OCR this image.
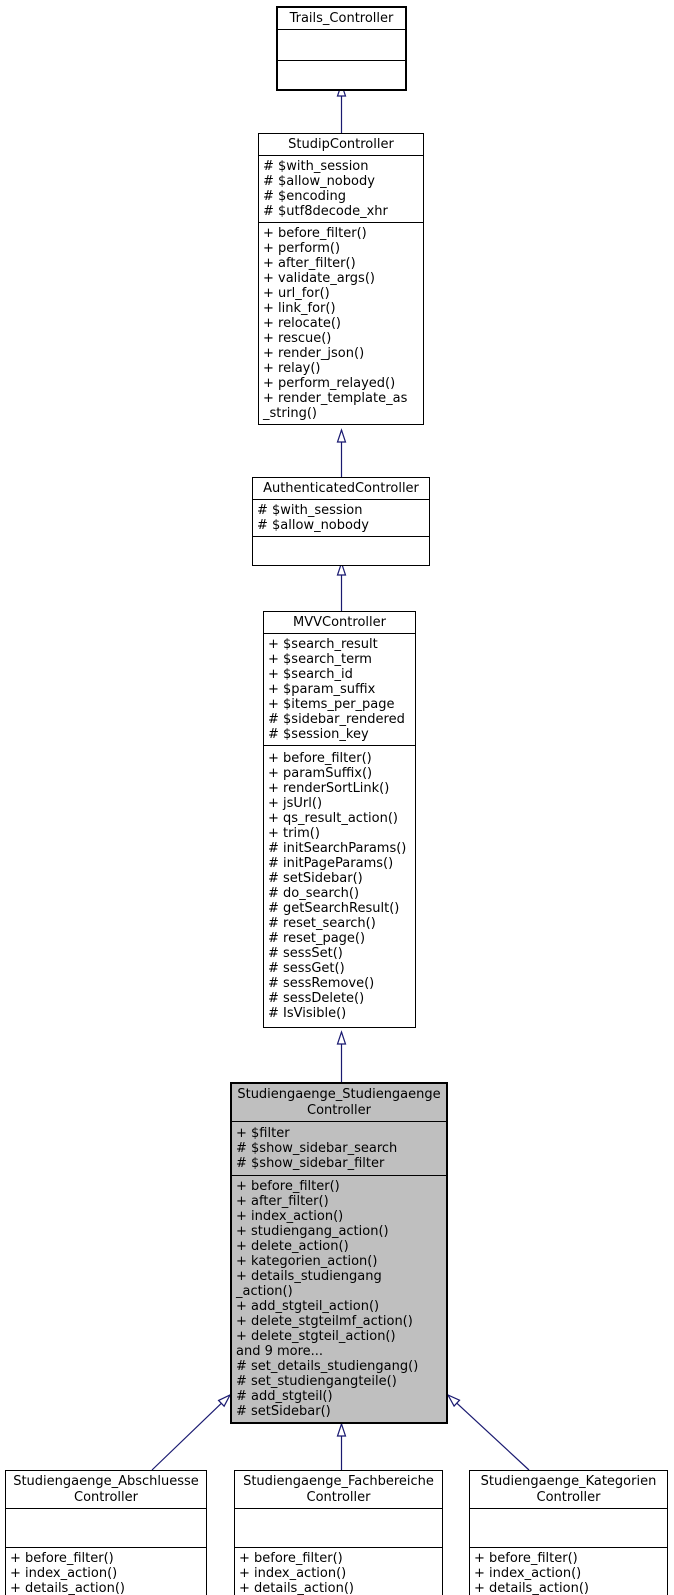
Trails_Controller
StudipController
# $with_session
# $allow_nobody
# $encoding
# $utf8decode_xhr
+ before_filter()
+ perform()
+ after_filter()
+ validate_args()
+ url_for()
+ link_for()
+ relocate()
+ rescue()
+ render_json()
+ relay()
+ perform_relayed()
+ render_template_as
_string()
AuthenticatedController
# $with_session
# $allow_nobody
MVVController
+ $search_result
+ $search_term
+ $search_id
+ $param_suffix
+ $items_per_page
# $sidebar_rendered
# $session_key
+ before_filter()
+ paramSuffix()
+ renderSortLink()
+ jsUrl()
+ qs_result_action()
+ trim()
# initSearchParams()
# initPageParams()
# setSidebar()
# do_search()
# getSearchResult()
# reset_search()
# reset_page()
# sessSet()
# sessGet()
# sessRemove()
# sessDelete()
# IsVisible()
Studiengaenge_Studiengaenge
Controller
+ $filter
# $show_sidebar_search
# $show_sidebar_filter
+ before_filter()
+ after_filter()
+ index_action()
+ studiengang_action()
+ delete_action()
+ kategorien_action()
+ details_studiengang
_action()
+ add_stgteil_action()
+ delete_stgteilmf_action()
+ delete_stgteil_action()
and 9 more...
# set_details_studiengang()
# set_studiengangteile()
# add_stgteil()
# setSidebar()
Studiengaenge_Abschluesse
Controller
+ before_filter()
+ index_action()
+ details_action()
Studiengaenge_Fachbereiche
Controller
+ before_filter()
+ index_action()
+ details_action()
Studiengaenge_Kategorien
Controller
+ before_filter()
+ index_action()
+ details_action()
